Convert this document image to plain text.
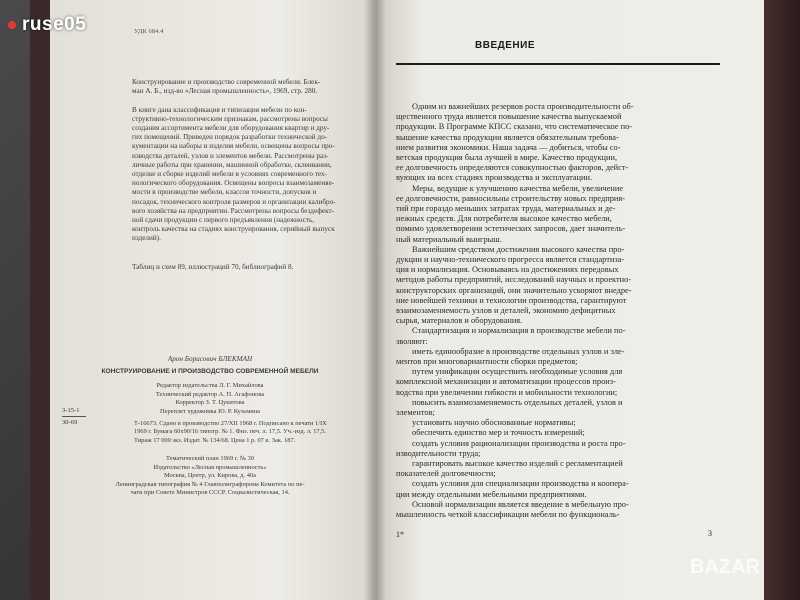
УДК 684.4
Конструирование и производство современной мебели. Блек-
ман А. Б., изд-во «Лесная промышленность», 1969, стр. 280.
В книге дана классификация и типизация мебели по кон-
структивно-технологическим признакам, рассмотрены вопросы
создания ассортимента мебели для оборудования квартир и дру-
гих помещений. Приведен порядок разработки технической до-
кументации на наборы и изделия мебели, освещены вопросы про-
изводства деталей, узлов и элементов мебели. Рассмотрены раз-
личные работы при хранении, машинной обработке, склеивании,
отделке и сборке изделий мебели в условиях современного тех-
нологического оборудования. Освещены вопросы взаимозаменяе-
мости в производстве мебели, классов точности, допусков и
посадок, технического контроля размеров и организации калибро-
вого хозяйства на предприятии. Рассмотрены вопросы бездефект-
ной сдачи продукции с первого предъявления (надежность,
контроль качества на стадиях конструирования, серийный выпуск
изделий).
Таблиц и схем 89, иллюстраций 70, библиографий 8.
Арон Борисович БЛЕКМАН
КОНСТРУИРОВАНИЕ И ПРОИЗВОДСТВО СОВРЕМЕННОЙ МЕБЕЛИ
Редактор издательства Л. Г. Михайлова
Технический редактор А. П. Агафонова
Корректор З. Т. Цукитова
Переплет художника Ю. Р. Кузьмина
Т-16673. Сдано в производство 27/XII 1968 г. Подписано к печати 1/IX
1969 г. Бумага 60х90/16 типогр. № 1. Физ. печ. л. 17,5. Уч.-изд. л. 17,5.
Тираж 17 000 экз. Издат. № 134/68. Цена 1 р. 07 к. Зак. 187.
Тематический план 1969 г. № 30
Издательство «Лесная промышленность»
Москва, Центр, ул. Кирова, д. 40а
Ленинградская типография № 4 Главполиграфпрома Комитета по пе-
чати при Совете Министров СССР. Социалистическая, 14.
3-15-1
30-69
ВВЕДЕНИЕ
Одним из важнейших резервов роста производительности об-
щественного труда является повышение качества выпускаемой
продукции. В Программе КПСС сказано, что систематическое по-
вышение качества продукции является обязательным требова-
нием развития экономики. Наша задача — добиться, чтобы со-
ветская продукция была лучшей в мире. Качество продукции,
ее долговечность определяются совокупностью факторов, дейст-
вующих на всех стадиях производства и эксплуатации.
Меры, ведущие к улучшению качества мебели, увеличение
ее долговечности, равносильны строительству новых предприя-
тий при гораздо меньших затратах труда, материальных и де-
нежных средств. Для потребителя высокое качество мебели,
помимо удовлетворения эстетических запросов, дает значитель-
ный материальный выигрыш.
Важнейшим средством достижения высокого качества про-
дукции и научно-технического прогресса является стандартиза-
ция и нормализация. Основываясь на достижениях передовых
методов работы предприятий, исследований научных и проектно-
конструкторских организаций, они значительно ускоряют внедре-
ние новейшей техники и технологии производства, гарантируют
взаимозаменяемость узлов и деталей, экономию дефицитных
сырья, материалов и оборудования.
Стандартизация и нормализация в производстве мебели по-
зволяют:
иметь единообразие в производстве отдельных узлов и эле-
ментов при многовариантности сборки предметов;
путем унификации осуществить необходимые условия для
комплексной механизации и автоматизации процессов произ-
водства при увеличении гибкости и мобильности технологии;
повысить взаимозаменяемость отдельных деталей, узлов и
элементов;
установить научно обоснованные нормативы;
обеспечить единство мер и точность измерений;
создать условия рационализации производства и роста про-
изводительности труда;
гарантировать высокое качество изделий с регламентацией
показателей долговечности;
создать условия для специализации производства и коопера-
ции между отдельными мебельными предприятиями.
Основой нормализации является введение в мебельную про-
мышленность четкой классификации мебели по функциональ-
1*	3
ruse05
BAZAR
